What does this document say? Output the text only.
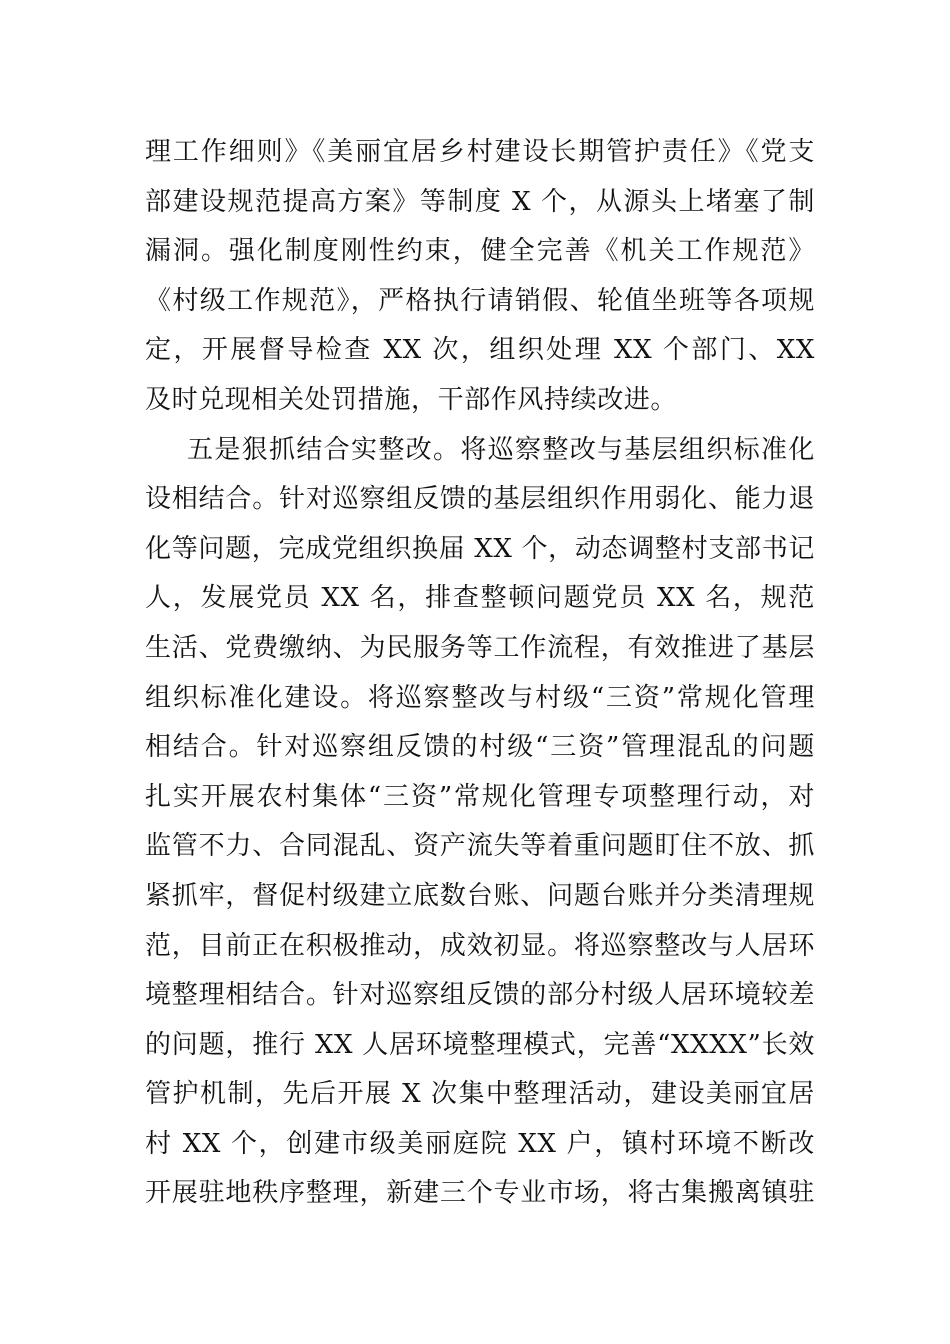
理工作细则》《美丽宜居乡村建设长期管护责任》《党支
部建设规范提高方案》等制度 X 个，从源头上堵塞了制
漏洞。强化制度刚性约束，健全完善《机关工作规范》
《村级工作规范》，严格执行请销假、轮值坐班等各项规
定，开展督导检查 XX 次，组织处理 XX 个部门、XX
及时兑现相关处罚措施，干部作风持续改进。
五是狠抓结合实整改。将巡察整改与基层组织标准化
设相结合。针对巡察组反馈的基层组织作用弱化、能力退
化等问题，完成党组织换届 XX 个，动态调整村支部书记
人，发展党员 XX 名，排查整顿问题党员 XX 名，规范
生活、党费缴纳、为民服务等工作流程，有效推进了基层
组织标准化建设。将巡察整改与村级“三资”常规化管理
相结合。针对巡察组反馈的村级“三资”管理混乱的问题
扎实开展农村集体“三资”常规化管理专项整理行动，对
监管不力、合同混乱、资产流失等着重问题盯住不放、抓
紧抓牢，督促村级建立底数台账、问题台账并分类清理规
范，目前正在积极推动，成效初显。将巡察整改与人居环
境整理相结合。针对巡察组反馈的部分村级人居环境较差
的问题，推行 XX 人居环境整理模式，完善“XXXX”长效
管护机制，先后开展 X 次集中整理活动，建设美丽宜居
村 XX 个，创建市级美丽庭院 XX 户，镇村环境不断改
开展驻地秩序整理，新建三个专业市场，将古集搬离镇驻
